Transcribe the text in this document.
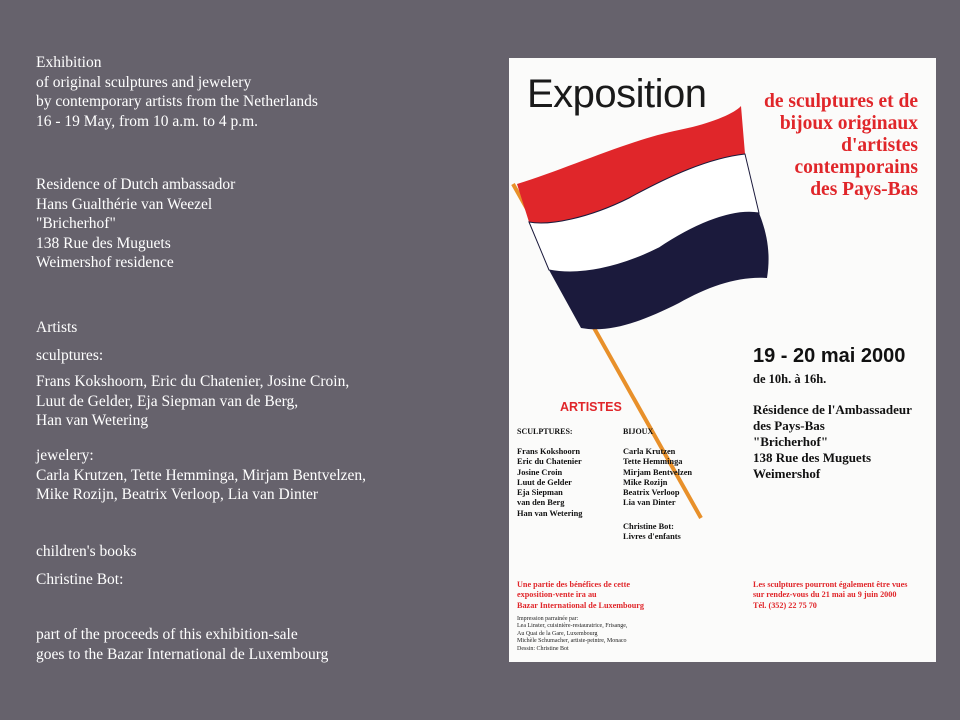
Exhibition
of original sculptures and jewelery
by contemporary artists from the Netherlands
16 - 19 May, from 10 a.m. to 4 p.m.
Residence of Dutch ambassador
Hans Gualthérie van Weezel
"Bricherhof"
138 Rue des Muguets
Weimershof residence
Artists
sculptures:
Frans Kokshoorn, Eric du Chatenier, Josine Croin,
Luut de Gelder, Eja Siepman van de Berg,
Han van Wetering
jewelery:
Carla Krutzen, Tette Hemminga, Mirjam Bentvelzen,
Mike Rozijn, Beatrix Verloop, Lia van Dinter
children's books
Christine Bot:
part of the proceeds of this exhibition-sale
goes to the Bazar International de Luxembourg
Exposition	de sculptures et de
bijoux originaux
d'artistes
contemporains
des Pays-Bas
19 - 20 mai 2000
de 10h. à 16h.
Résidence de l'Ambassadeur
des Pays-Bas
"Bricherhof"
138 Rue des Muguets
Weimershof
ARTISTES
SCULPTURES:	BIJOUX
Frans Kokshoorn
Eric du Chatenier
Josine Croin
Luut de Gelder
Eja Siepman
van den Berg
Han van Wetering
Carla Krutzen
Tette Hemminga
Mirjam Bentvelzen
Mike Rozijn
Beatrix Verloop
Lia van Dinter
Christine Bot:
Livres d'enfants
Une partie des bénéfices de cette
exposition-vente ira au
Bazar International de Luxembourg
Les sculptures pourront également être vues
sur rendez-vous du 21 mai au 9 juin 2000
Tél. (352) 22 75 70
Impression parrainée par:
Lea Linster, cuisinière-restauratrice, Frisange,
Au Quai de la Gare, Luxembourg
Michèle Schumacher, artiste-peintre, Monaco
Dessin: Christine Bot
